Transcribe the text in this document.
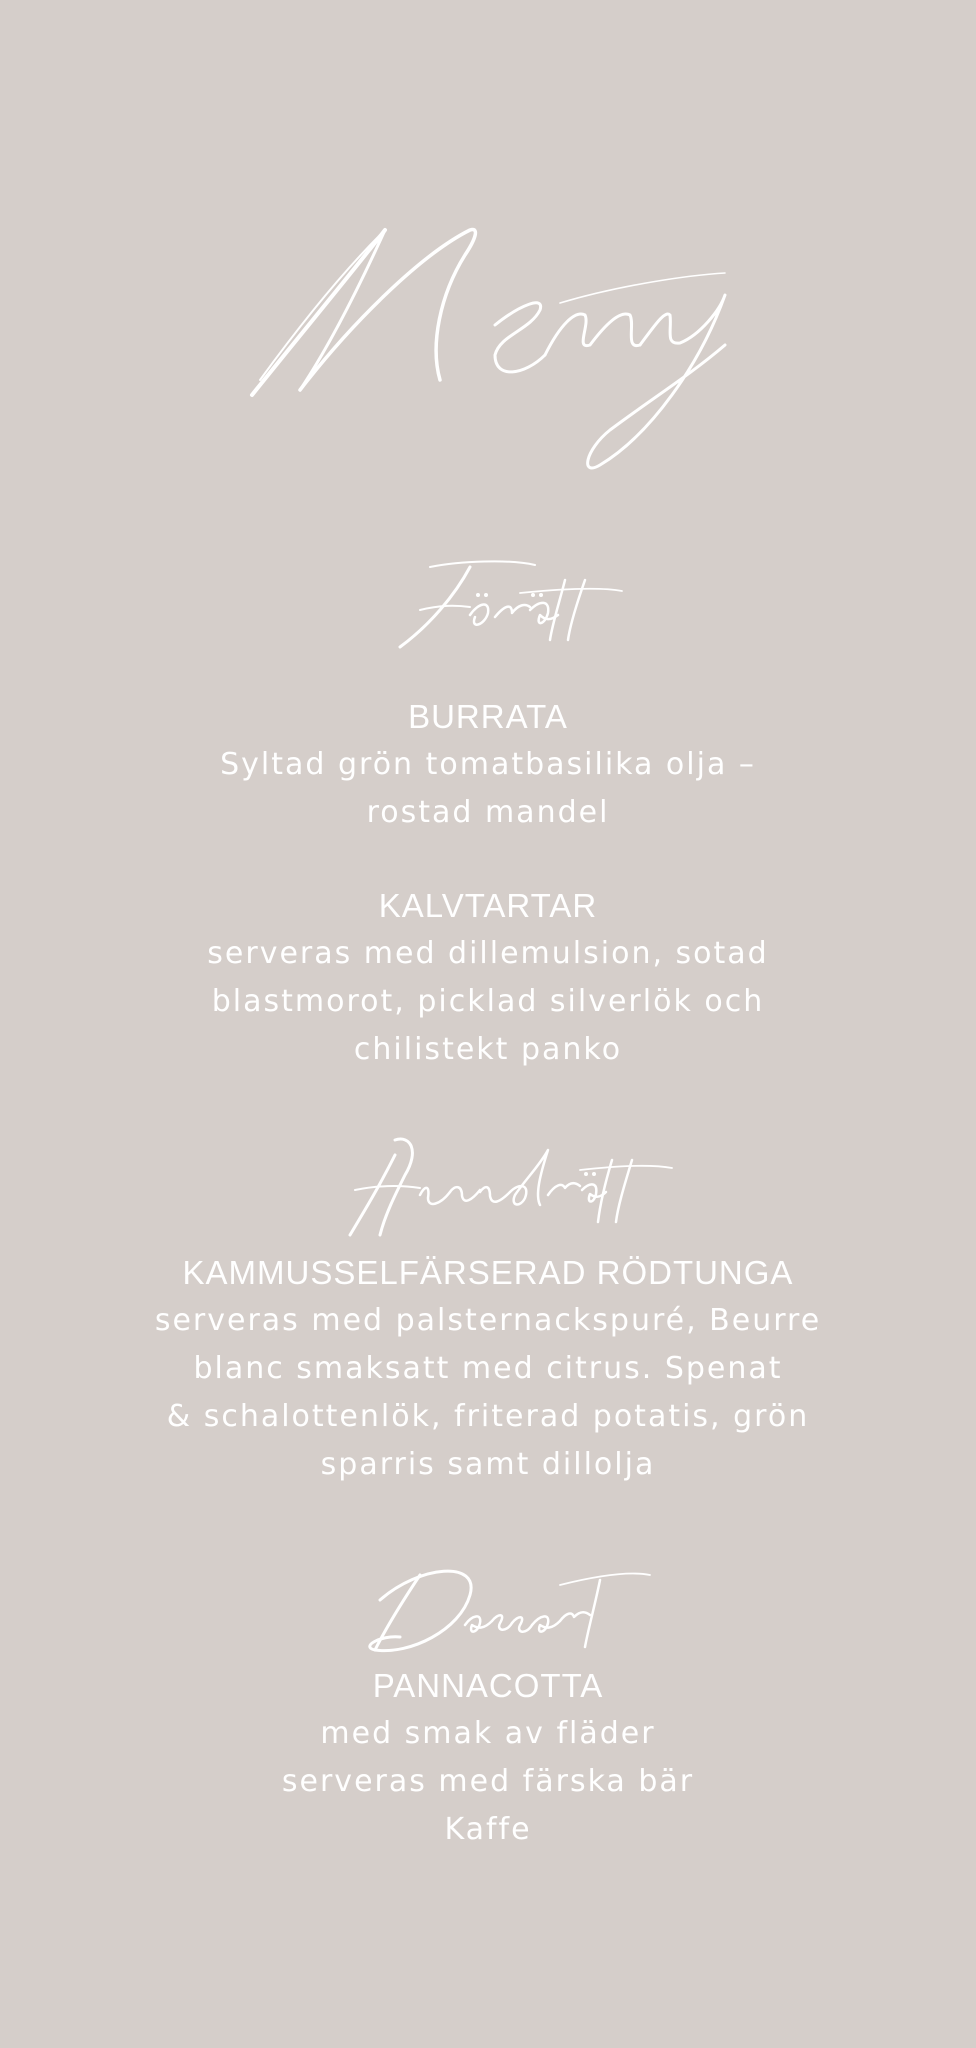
BURRATA
Syltad grön tomatbasilika olja –
rostad mandel
KALVTARTAR
serveras med dillemulsion, sotad
blastmorot, picklad silverlök och
chilistekt panko
KAMMUSSELFÄRSERAD RÖDTUNGA
serveras med palsternackspuré, Beurre
blanc smaksatt med citrus. Spenat
& schalottenlök, friterad potatis, grön
sparris samt dillolja
PANNACOTTA
med smak av fläder
serveras med färska bär
Kaffe
